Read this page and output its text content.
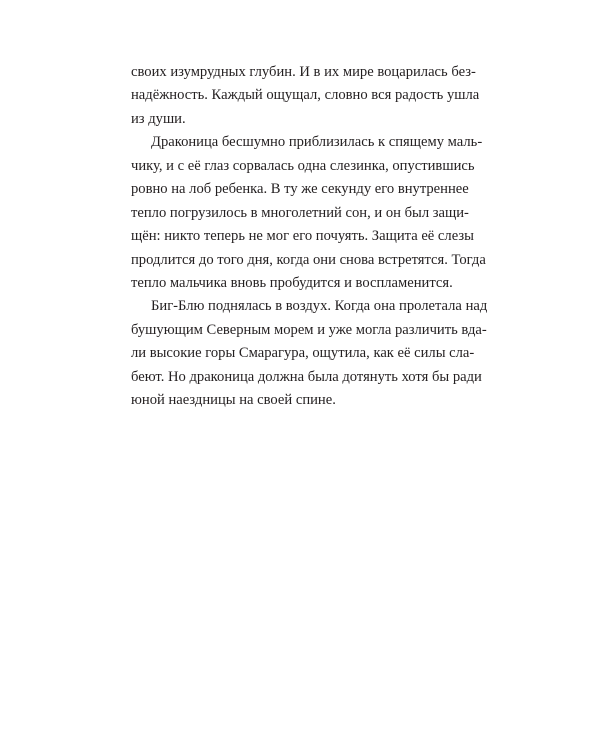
своих изумрудных глубин. И в их мире воцарилась без-
надёжность. Каждый ощущал, словно вся радость ушла
из души.
Драконица бесшумно приблизилась к спящему маль-
чику, и с её глаз сорвалась одна слезинка, опустившись
ровно на лоб ребенка. В ту же секунду его внутреннее
тепло погрузилось в многолетний сон, и он был защи-
щён: никто теперь не мог его почуять. Защита её слезы
продлится до того дня, когда они снова встретятся. Тогда
тепло мальчика вновь пробудится и воспламенится.
Биг-Блю поднялась в воздух. Когда она пролетала над
бушующим Северным морем и уже могла различить вда-
ли высокие горы Смарагура, ощутила, как её силы сла-
беют. Но драконица должна была дотянуть хотя бы ради
юной наездницы на своей спине.
